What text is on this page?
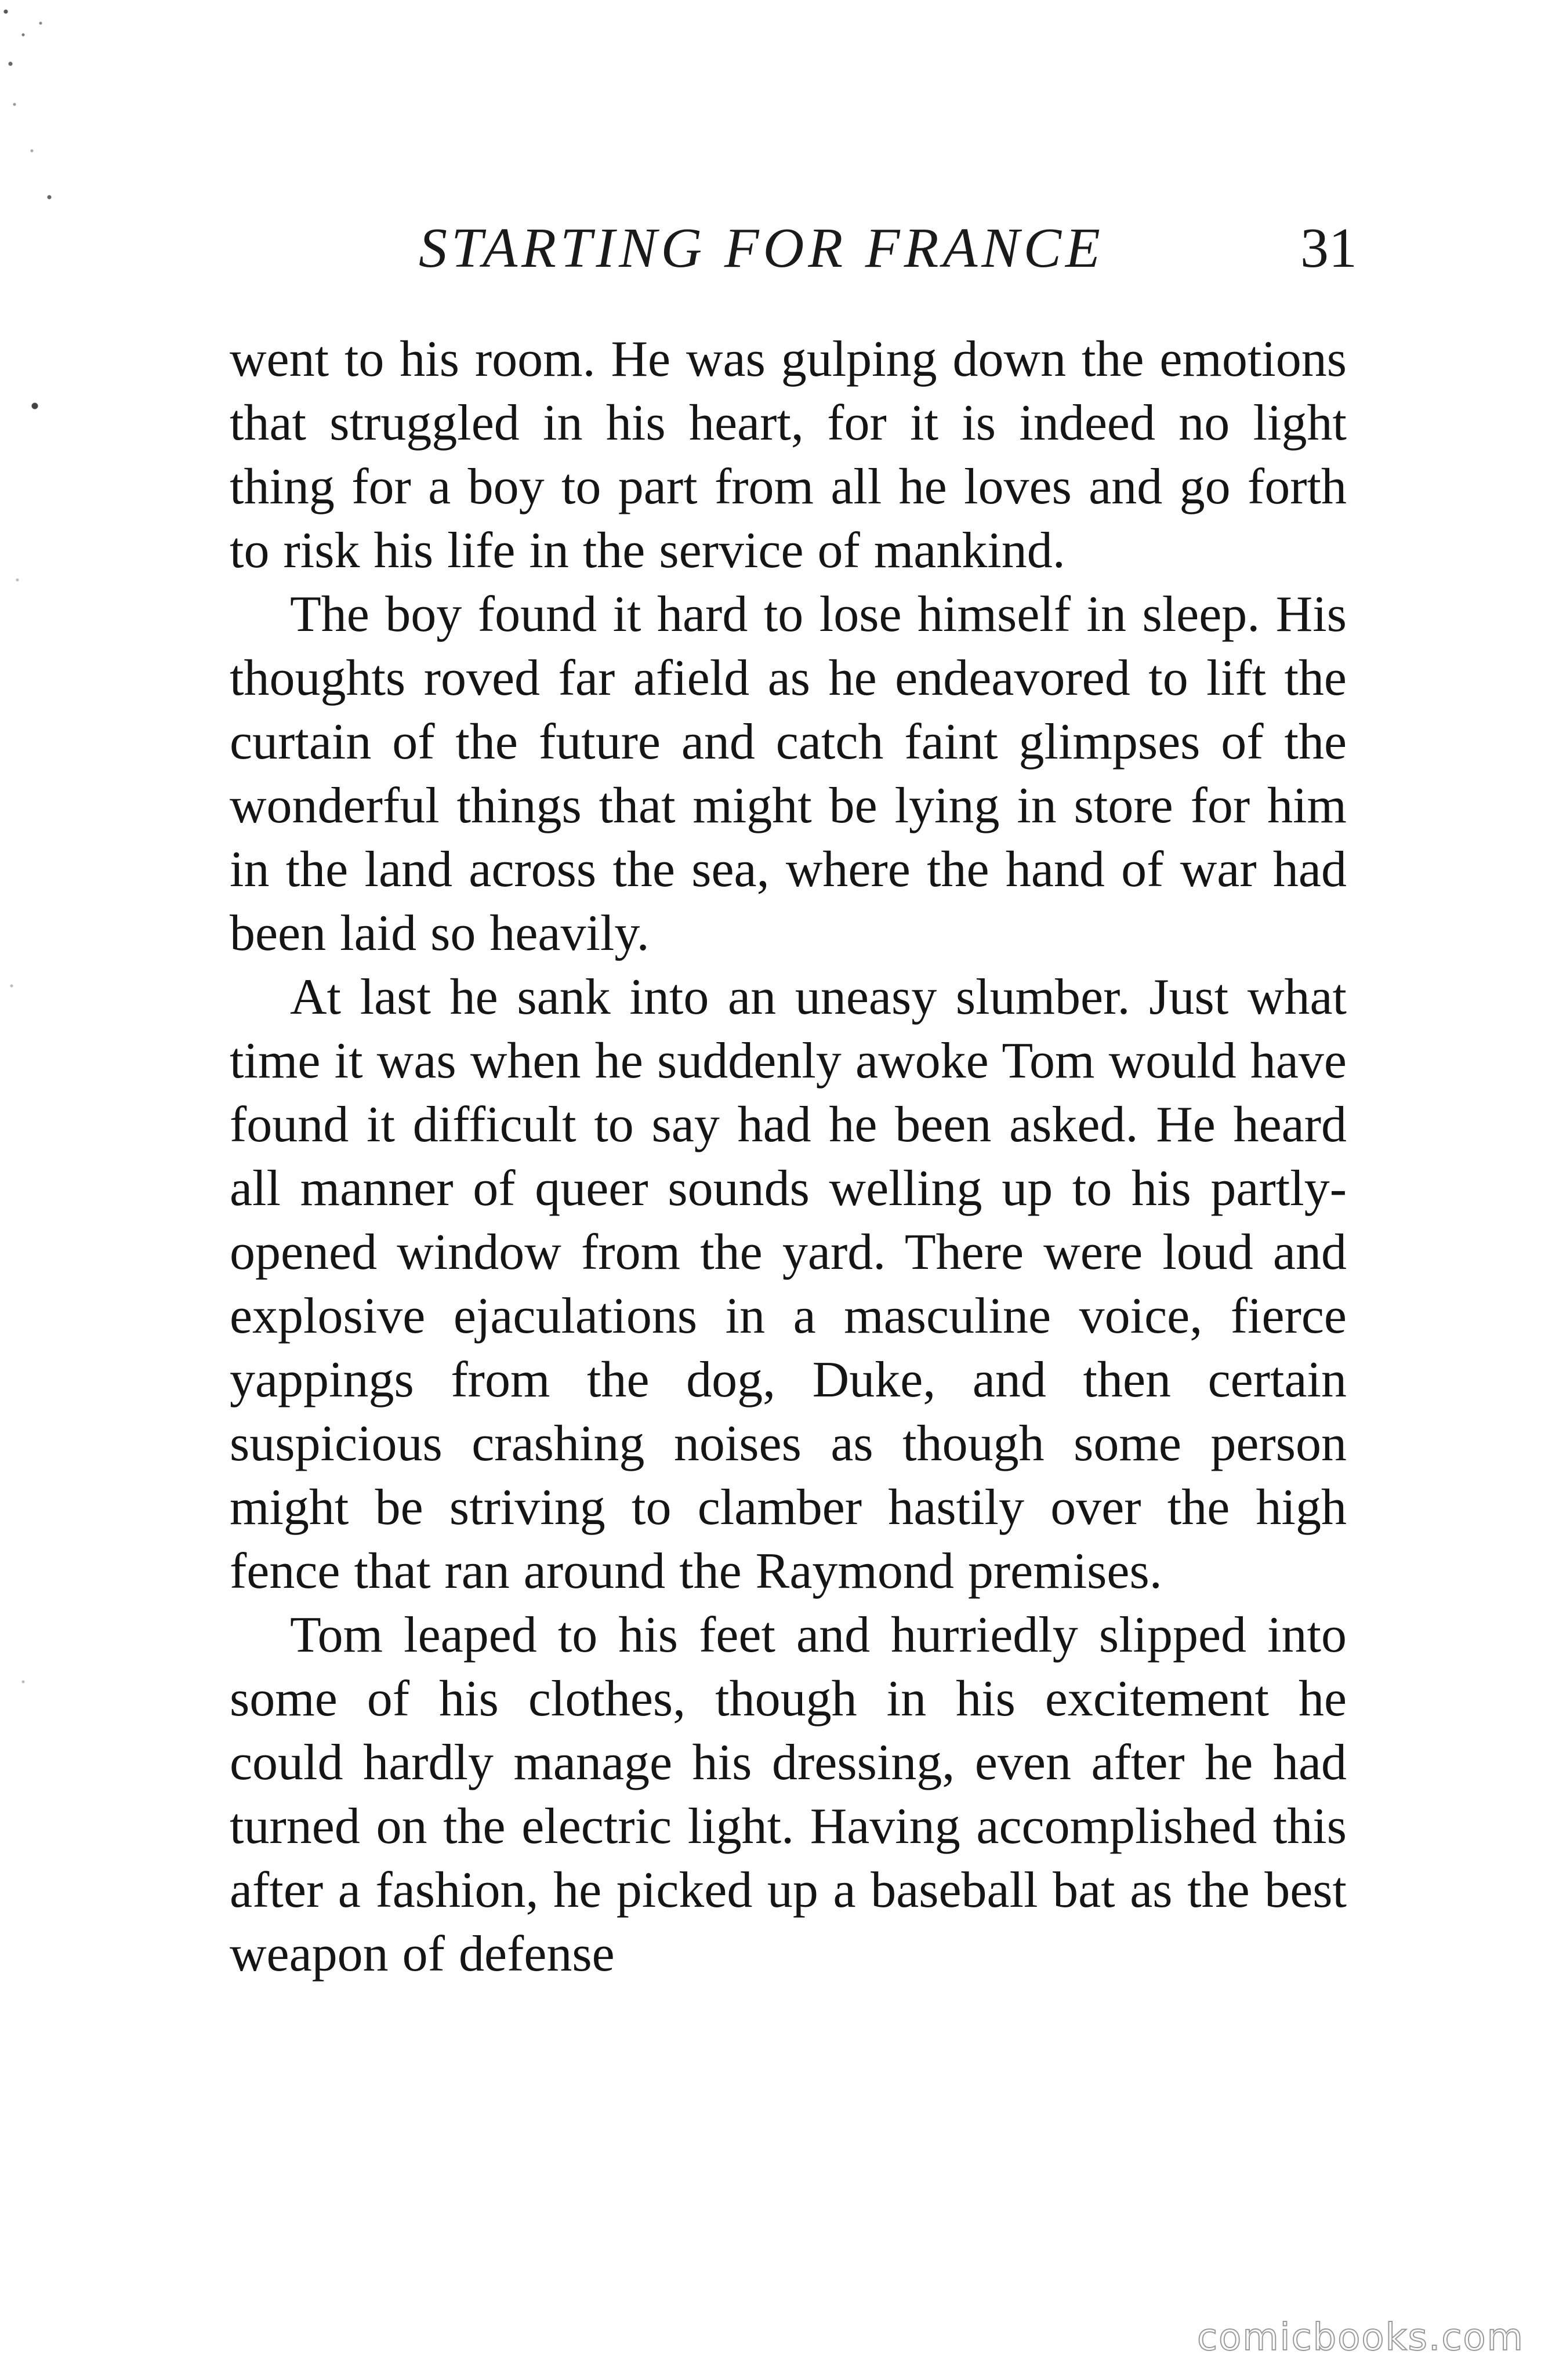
STARTING FOR FRANCE	31

went to his room. He was gulping down the emotions that struggled in his heart, for it is indeed no light thing for a boy to part from all he loves and go forth to risk his life in the service of mankind.

The boy found it hard to lose himself in sleep. His thoughts roved far afield as he endeavored to lift the curtain of the future and catch faint glimpses of the wonderful things that might be lying in store for him in the land across the sea, where the hand of war had been laid so heavily.

At last he sank into an uneasy slumber. Just what time it was when he suddenly awoke Tom would have found it difficult to say had he been asked. He heard all manner of queer sounds welling up to his partly-opened window from the yard. There were loud and explosive ejaculations in a masculine voice, fierce yappings from the dog, Duke, and then certain suspicious crashing noises as though some person might be striving to clamber hastily over the high fence that ran around the Raymond premises.

Tom leaped to his feet and hurriedly slipped into some of his clothes, though in his excitement he could hardly manage his dressing, even after he had turned on the electric light. Having accomplished this after a fashion, he picked up a baseball bat as the best weapon of defense

comicbooks.com
